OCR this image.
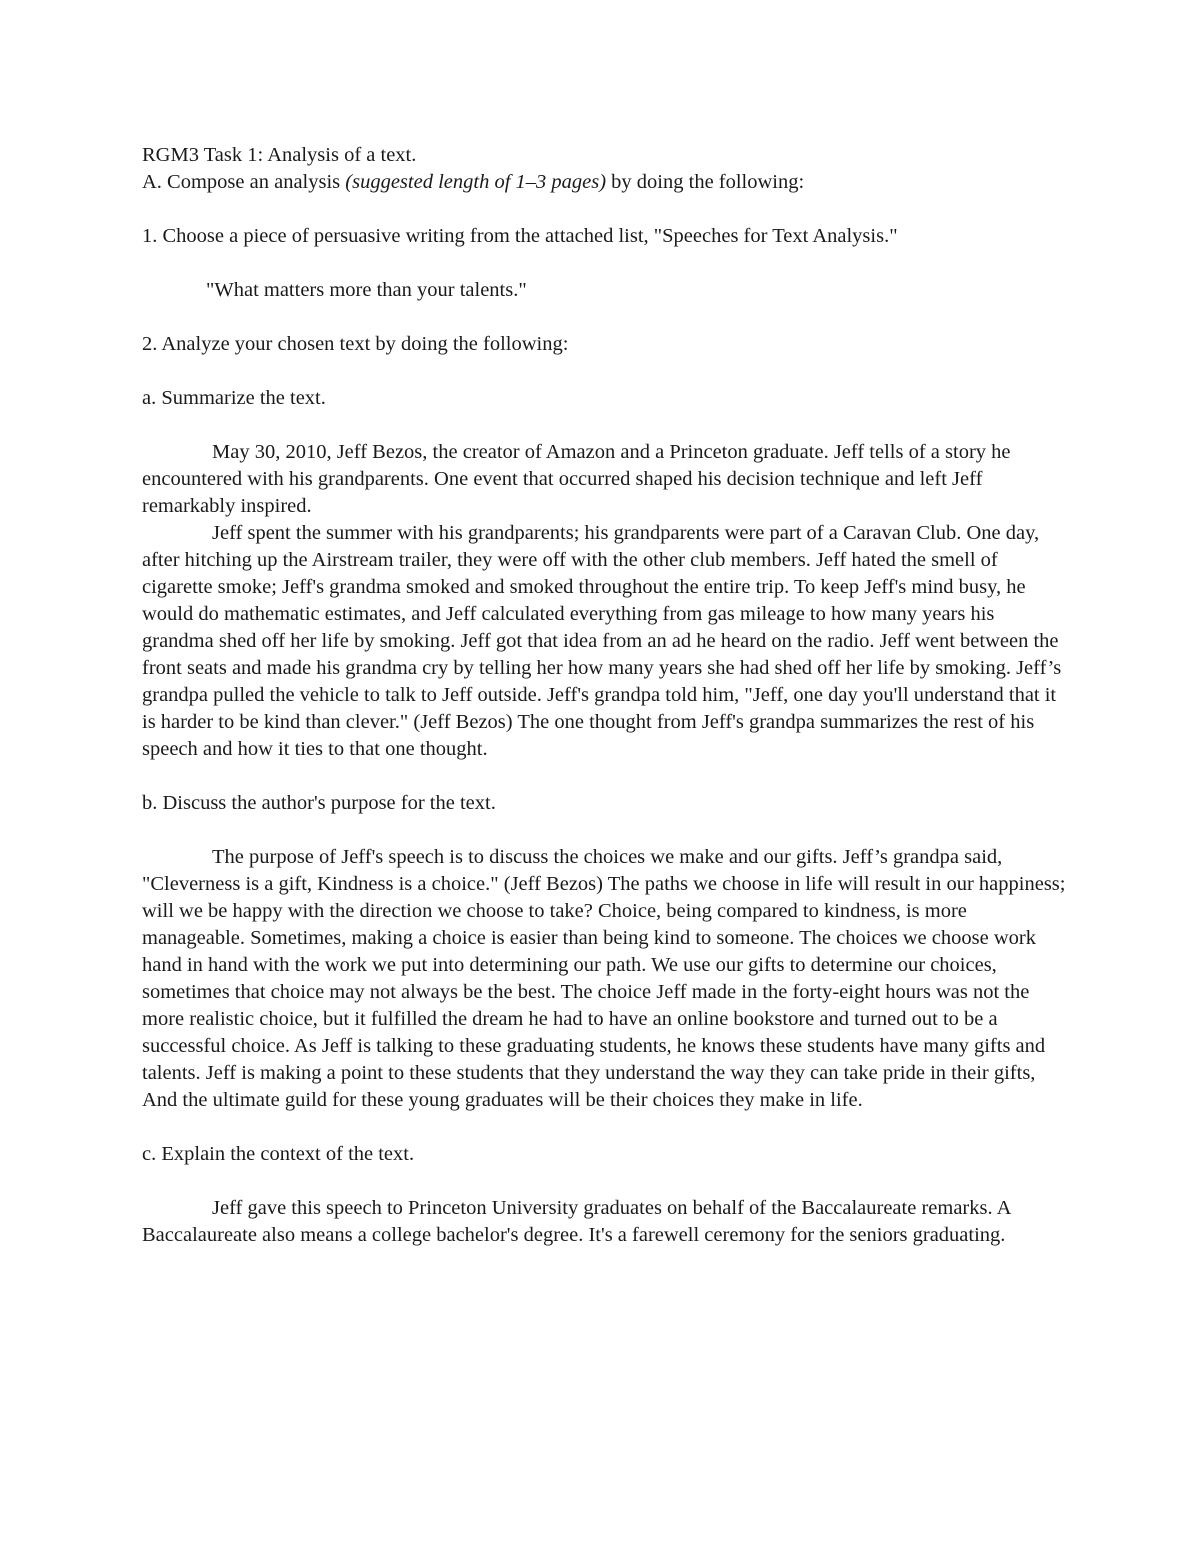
RGM3 Task 1: Analysis of a text.

A. Compose an analysis (suggested length of 1–3 pages) by doing the following:

1. Choose a piece of persuasive writing from the attached list, "Speeches for Text Analysis."

"What matters more than your talents."

2. Analyze your chosen text by doing the following:

a. Summarize the text.

May 30, 2010, Jeff Bezos, the creator of Amazon and a Princeton graduate. Jeff tells of a story he encountered with his grandparents. One event that occurred shaped his decision technique and left Jeff remarkably inspired.

Jeff spent the summer with his grandparents; his grandparents were part of a Caravan Club. One day, after hitching up the Airstream trailer, they were off with the other club members. Jeff hated the smell of cigarette smoke; Jeff's grandma smoked and smoked throughout the entire trip. To keep Jeff's mind busy, he would do mathematic estimates, and Jeff calculated everything from gas mileage to how many years his grandma shed off her life by smoking. Jeff got that idea from an ad he heard on the radio. Jeff went between the front seats and made his grandma cry by telling her how many years she had shed off her life by smoking. Jeff’s grandpa pulled the vehicle to talk to Jeff outside. Jeff's grandpa told him, "Jeff, one day you'll understand that it is harder to be kind than clever." (Jeff Bezos) The one thought from Jeff's grandpa summarizes the rest of his speech and how it ties to that one thought.

b. Discuss the author's purpose for the text.

The purpose of Jeff's speech is to discuss the choices we make and our gifts. Jeff’s grandpa said, "Cleverness is a gift, Kindness is a choice." (Jeff Bezos) The paths we choose in life will result in our happiness; will we be happy with the direction we choose to take? Choice, being compared to kindness, is more manageable. Sometimes, making a choice is easier than being kind to someone. The choices we choose work hand in hand with the work we put into determining our path. We use our gifts to determine our choices, sometimes that choice may not always be the best. The choice Jeff made in the forty-eight hours was not the more realistic choice, but it fulfilled the dream he had to have an online bookstore and turned out to be a successful choice. As Jeff is talking to these graduating students, he knows these students have many gifts and talents. Jeff is making a point to these students that they understand the way they can take pride in their gifts, And the ultimate guild for these young graduates will be their choices they make in life.

c. Explain the context of the text.

Jeff gave this speech to Princeton University graduates on behalf of the Baccalaureate remarks. A Baccalaureate also means a college bachelor's degree. It's a farewell ceremony for the seniors graduating.
